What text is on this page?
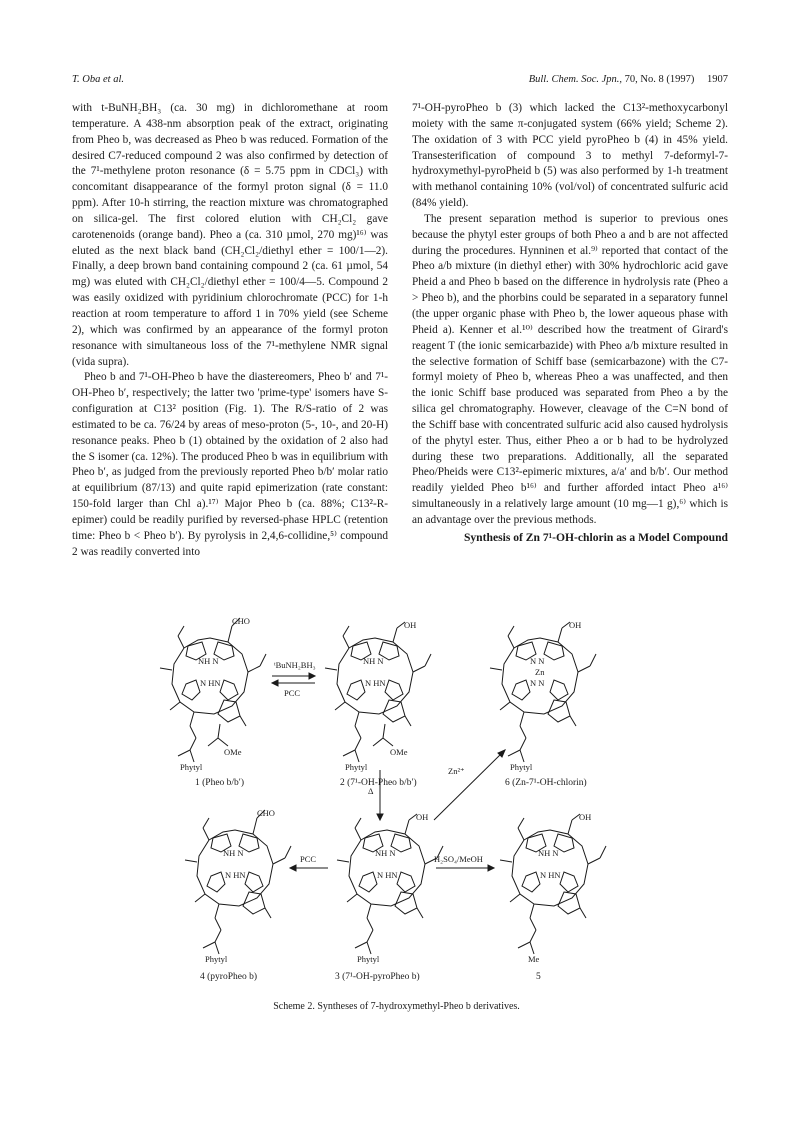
T. Oba et al.	Bull. Chem. Soc. Jpn., 70, No. 8 (1997) 1907

with t-BuNH₂BH₃ (ca. 30 mg) in dichloromethane at room temperature. A 438-nm absorption peak of the extract, originating from Pheo b, was decreased as Pheo b was reduced. Formation of the desired C7-reduced compound 2 was also confirmed by detection of the 7¹-methylene proton resonance (δ = 5.75 ppm in CDCl₃) with concomitant disappearance of the formyl proton signal (δ = 11.0 ppm). After 10-h stirring, the reaction mixture was chromatographed on silica-gel. The first colored elution with CH₂Cl₂ gave carotenenoids (orange band). Pheo a (ca. 310 µmol, 270 mg)¹⁶⁾ was eluted as the next black band (CH₂Cl₂/diethyl ether = 100/1—2). Finally, a deep brown band containing compound 2 (ca. 61 µmol, 54 mg) was eluted with CH₂Cl₂/diethyl ether = 100/4—5. Compound 2 was easily oxidized with pyridinium chlorochromate (PCC) for 1-h reaction at room temperature to afford 1 in 70% yield (see Scheme 2), which was confirmed by an appearance of the formyl proton resonance with simultaneous loss of the 7¹-methylene NMR signal (vida supra).

Pheo b and 7¹-OH-Pheo b have the diastereomers, Pheo b′ and 7¹-OH-Pheo b′, respectively; the latter two 'prime-type' isomers have S-configuration at C13² position (Fig. 1). The R/S-ratio of 2 was estimated to be ca. 76/24 by areas of meso-proton (5-, 10-, and 20-H) resonance peaks. Pheo b (1) obtained by the oxidation of 2 also had the S isomer (ca. 12%). The produced Pheo b was in equilibrium with Pheo b′, as judged from the previously reported Pheo b/b′ molar ratio at equilibrium (87/13) and quite rapid epimerization (rate constant: 150-fold larger than Chl a).¹⁷⁾ Major Pheo b (ca. 88%; C13²-R-epimer) could be readily purified by reversed-phase HPLC (retention time: Pheo b < Pheo b′). By pyrolysis in 2,4,6-collidine,⁵⁾ compound 2 was readily converted into

7¹-OH-pyroPheo b (3) which lacked the C13²-methoxycarbonyl moiety with the same π-conjugated system (66% yield; Scheme 2). The oxidation of 3 with PCC yield pyroPheo b (4) in 45% yield. Transesterification of compound 3 to methyl 7-deformyl-7-hydroxymethyl-pyroPheid b (5) was also performed by 1-h treatment with methanol containing 10% (vol/vol) of concentrated sulfuric acid (84% yield).

The present separation method is superior to previous ones because the phytyl ester groups of both Pheo a and b are not affected during the procedures. Hynninen et al.⁹⁾ reported that contact of the Pheo a/b mixture (in diethyl ether) with 30% hydrochloric acid gave Pheid a and Pheo b based on the difference in hydrolysis rate (Pheo a > Pheo b), and the phorbins could be separated in a separatory funnel (the upper organic phase with Pheo b, the lower aqueous phase with Pheid a). Kenner et al.¹⁰⁾ described how the treatment of Girard's reagent T (the ionic semicarbazide) with Pheo a/b mixture resulted in the selective formation of Schiff base (semicarbazone) with the C7-formyl moiety of Pheo b, whereas Pheo a was unaffected, and then the ionic Schiff base produced was separated from Pheo a by the silica gel chromatography. However, cleavage of the C=N bond of the Schiff base with concentrated sulfuric acid also caused hydrolysis of the phytyl ester. Thus, either Pheo a or b had to be hydrolyzed during these two preparations. Additionally, all the separated Pheo/Pheids were C13²-epimeric mixtures, a/a′ and b/b′. Our method readily yielded Pheo b¹⁶⁾ and further afforded intact Pheo a¹⁶⁾ simultaneously in a relatively large amount (10 mg—1 g),⁶⁾ which is an advantage over the previous methods.

Synthesis of Zn 7¹-OH-chlorin as a Model Compound
CHO	OH	OH
CHO	OH	OH
NH N
N HN
NH N
N HN
N N
Zn
N N
NH N
N HN
NH N
N HN
NH N
N HN
OMe	OMe
Phytyl	Phytyl	Phytyl
Phytyl	Phytyl	Me
ᵗBuNH₂BH₃
PCC
Δ
Zn²⁺
PCC	H₂SO₄/MeOH
1 (Pheo b/b′)	2 (7¹-OH-Pheo b/b′)	6 (Zn-7¹-OH-chlorin)
4 (pyroPheo b)	3 (7¹-OH-pyroPheo b)	5
Scheme 2. Syntheses of 7-hydroxymethyl-Pheo b derivatives.
